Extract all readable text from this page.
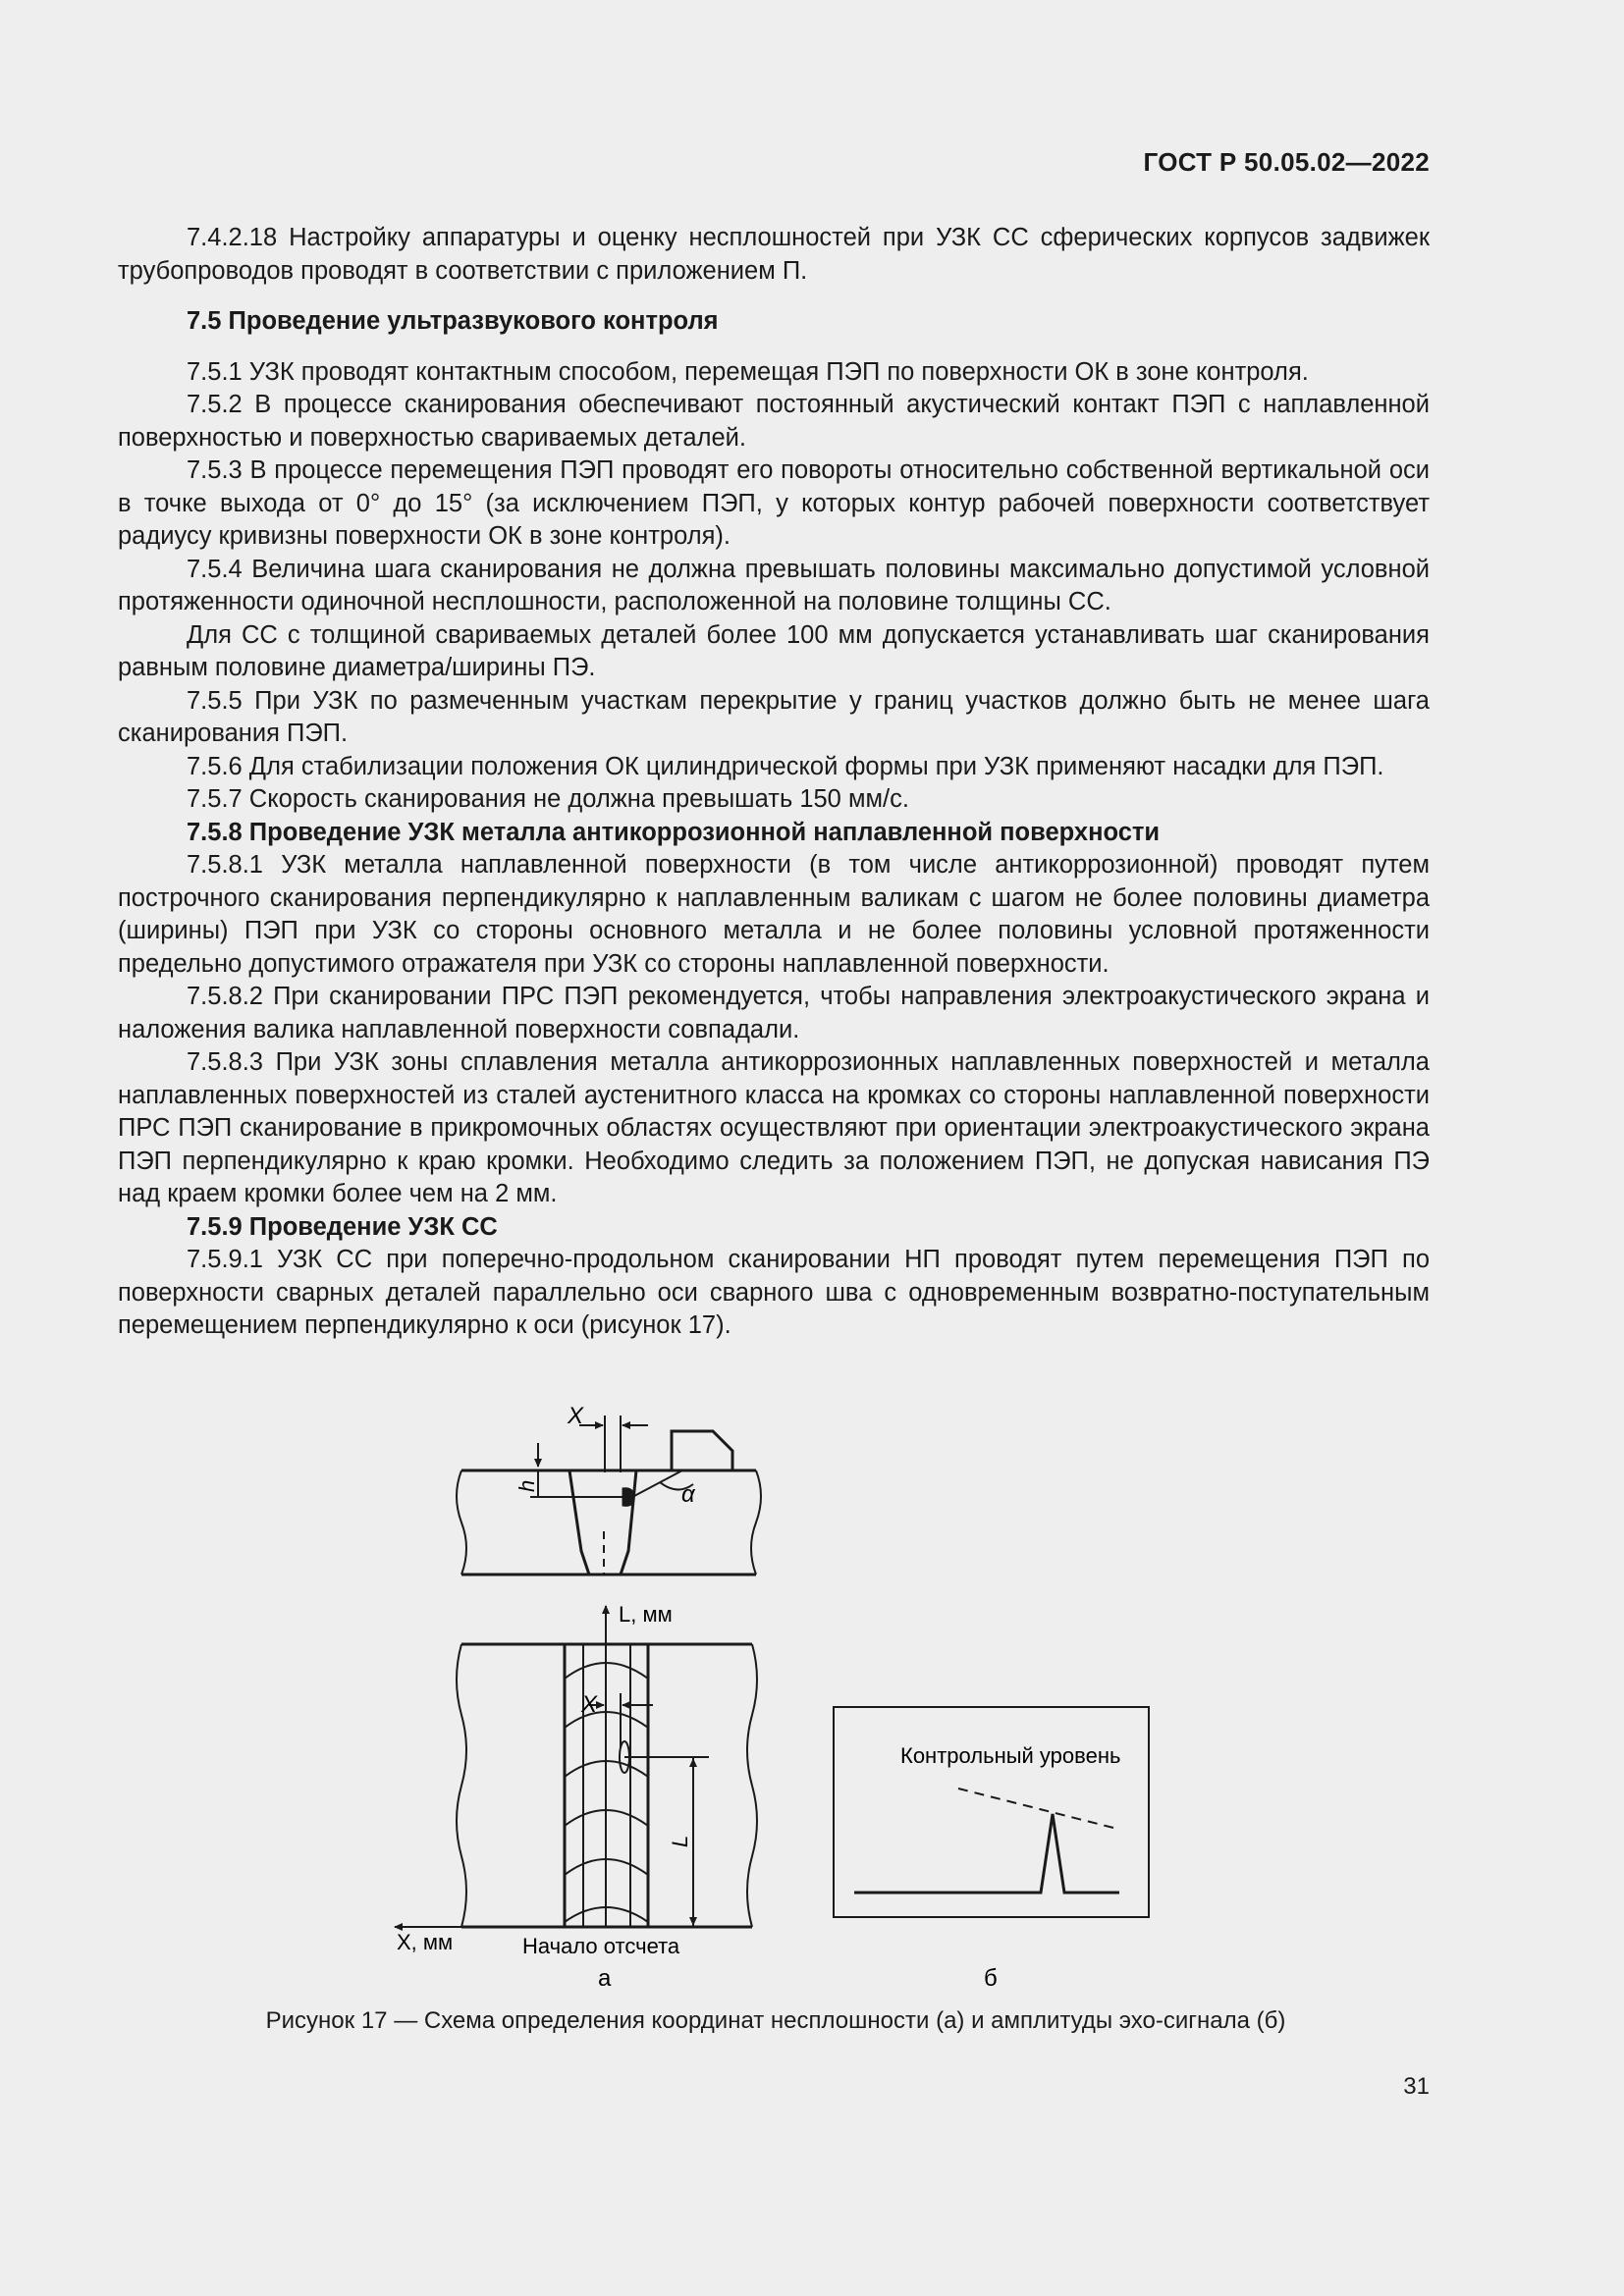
ГОСТ Р 50.05.02—2022

7.4.2.18 Настройку аппаратуры и оценку несплошностей при УЗК СС сферических корпусов задвижек трубопроводов проводят в соответствии с приложением П.

7.5 Проведение ультразвукового контроля

7.5.1 УЗК проводят контактным способом, перемещая ПЭП по поверхности ОК в зоне контроля.

7.5.2 В процессе сканирования обеспечивают постоянный акустический контакт ПЭП с наплавленной поверхностью и поверхностью свариваемых деталей.

7.5.3 В процессе перемещения ПЭП проводят его повороты относительно собственной вертикальной оси в точке выхода от 0° до 15° (за исключением ПЭП, у которых контур рабочей поверхности соответствует радиусу кривизны поверхности ОК в зоне контроля).

7.5.4 Величина шага сканирования не должна превышать половины максимально допустимой условной протяженности одиночной несплошности, расположенной на половине толщины СС.

Для СС с толщиной свариваемых деталей более 100 мм допускается устанавливать шаг сканирования равным половине диаметра/ширины ПЭ.

7.5.5 При УЗК по размеченным участкам перекрытие у границ участков должно быть не менее шага сканирования ПЭП.

7.5.6 Для стабилизации положения ОК цилиндрической формы при УЗК применяют насадки для ПЭП.

7.5.7 Скорость сканирования не должна превышать 150 мм/с.

7.5.8 Проведение УЗК металла антикоррозионной наплавленной поверхности

7.5.8.1 УЗК металла наплавленной поверхности (в том числе антикоррозионной) проводят путем построчного сканирования перпендикулярно к наплавленным валикам с шагом не более половины диаметра (ширины) ПЭП при УЗК со стороны основного металла и не более половины условной протяженности предельно допустимого отражателя при УЗК со стороны наплавленной поверхности.

7.5.8.2 При сканировании ПРС ПЭП рекомендуется, чтобы направления электроакустического экрана и наложения валика наплавленной поверхности совпадали.

7.5.8.3 При УЗК зоны сплавления металла антикоррозионных наплавленных поверхностей и металла наплавленных поверхностей из сталей аустенитного класса на кромках со стороны наплавленной поверхности ПРС ПЭП сканирование в прикромочных областях осуществляют при ориентации электроакустического экрана ПЭП перпендикулярно к краю кромки. Необходимо следить за положением ПЭП, не допуская нависания ПЭ над краем кромки более чем на 2 мм.

7.5.9 Проведение УЗК СС

7.5.9.1 УЗК СС при поперечно-продольном сканировании НП проводят путем перемещения ПЭП по поверхности сварных деталей параллельно оси сварного шва с одновременным возвратно-поступательным перемещением перпендикулярно к оси (рисунок 17).

X
h	α
L, мм
X, мм
X
L
Начало отсчета
а
Контрольный уровень
б
Рисунок 17 — Схема определения координат несплошности (а) и амплитуды эхо-сигнала (б)
31
